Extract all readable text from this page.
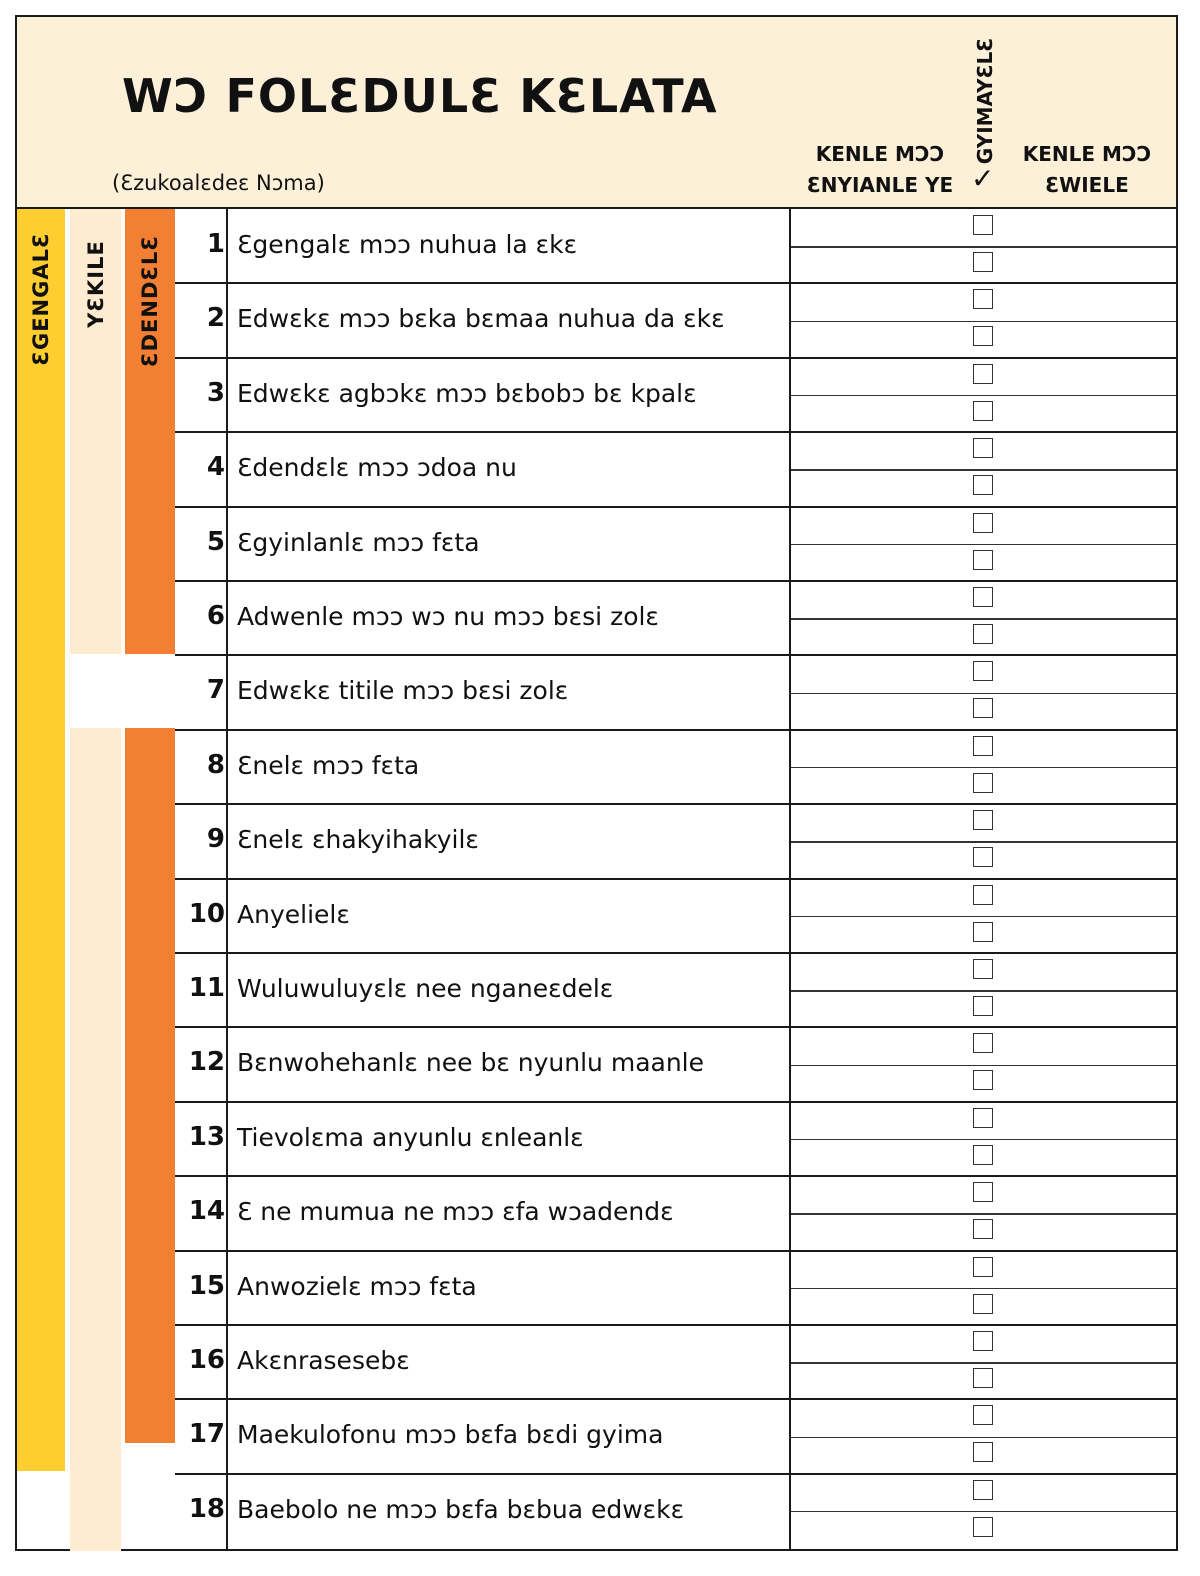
WƆ FOLƐDULƐ KƐLATA
(Ɛzukoalɛdeɛ Nɔma)
KENLE MƆƆ
ƐNYIANLE YE
GYIMAYƐLƐ
✓
KENLE MƆƆ
ƐWIELE
ƐGENGALƐ YƐKILE ƐDENDƐLƐ	1 Ɛgengalɛ mɔɔ nuhua la ɛkɛ
2 Edwɛkɛ mɔɔ bɛka bɛmaa nuhua da ɛkɛ
3 Edwɛkɛ agbɔkɛ mɔɔ bɛbobɔ bɛ kpalɛ
4 Ɛdendɛlɛ mɔɔ ɔdoa nu
5 Ɛgyinlanlɛ mɔɔ fɛta
6 Adwenle mɔɔ wɔ nu mɔɔ bɛsi zolɛ
7 Edwɛkɛ titile mɔɔ bɛsi zolɛ
8 Ɛnelɛ mɔɔ fɛta
9 Ɛnelɛ ɛhakyihakyilɛ
10 Anyelielɛ
11 Wuluwuluyɛlɛ nee nganeɛdelɛ
12 Bɛnwohehanlɛ nee bɛ nyunlu maanle
13 Tievolɛma anyunlu ɛnleanlɛ
14 Ɛ ne mumua ne mɔɔ ɛfa wɔadendɛ
15 Anwozielɛ mɔɔ fɛta
16 Akɛnrasesebɛ
17 Maekulofonu mɔɔ bɛfa bɛdi gyima
18 Baebolo ne mɔɔ bɛfa bɛbua edwɛkɛ
